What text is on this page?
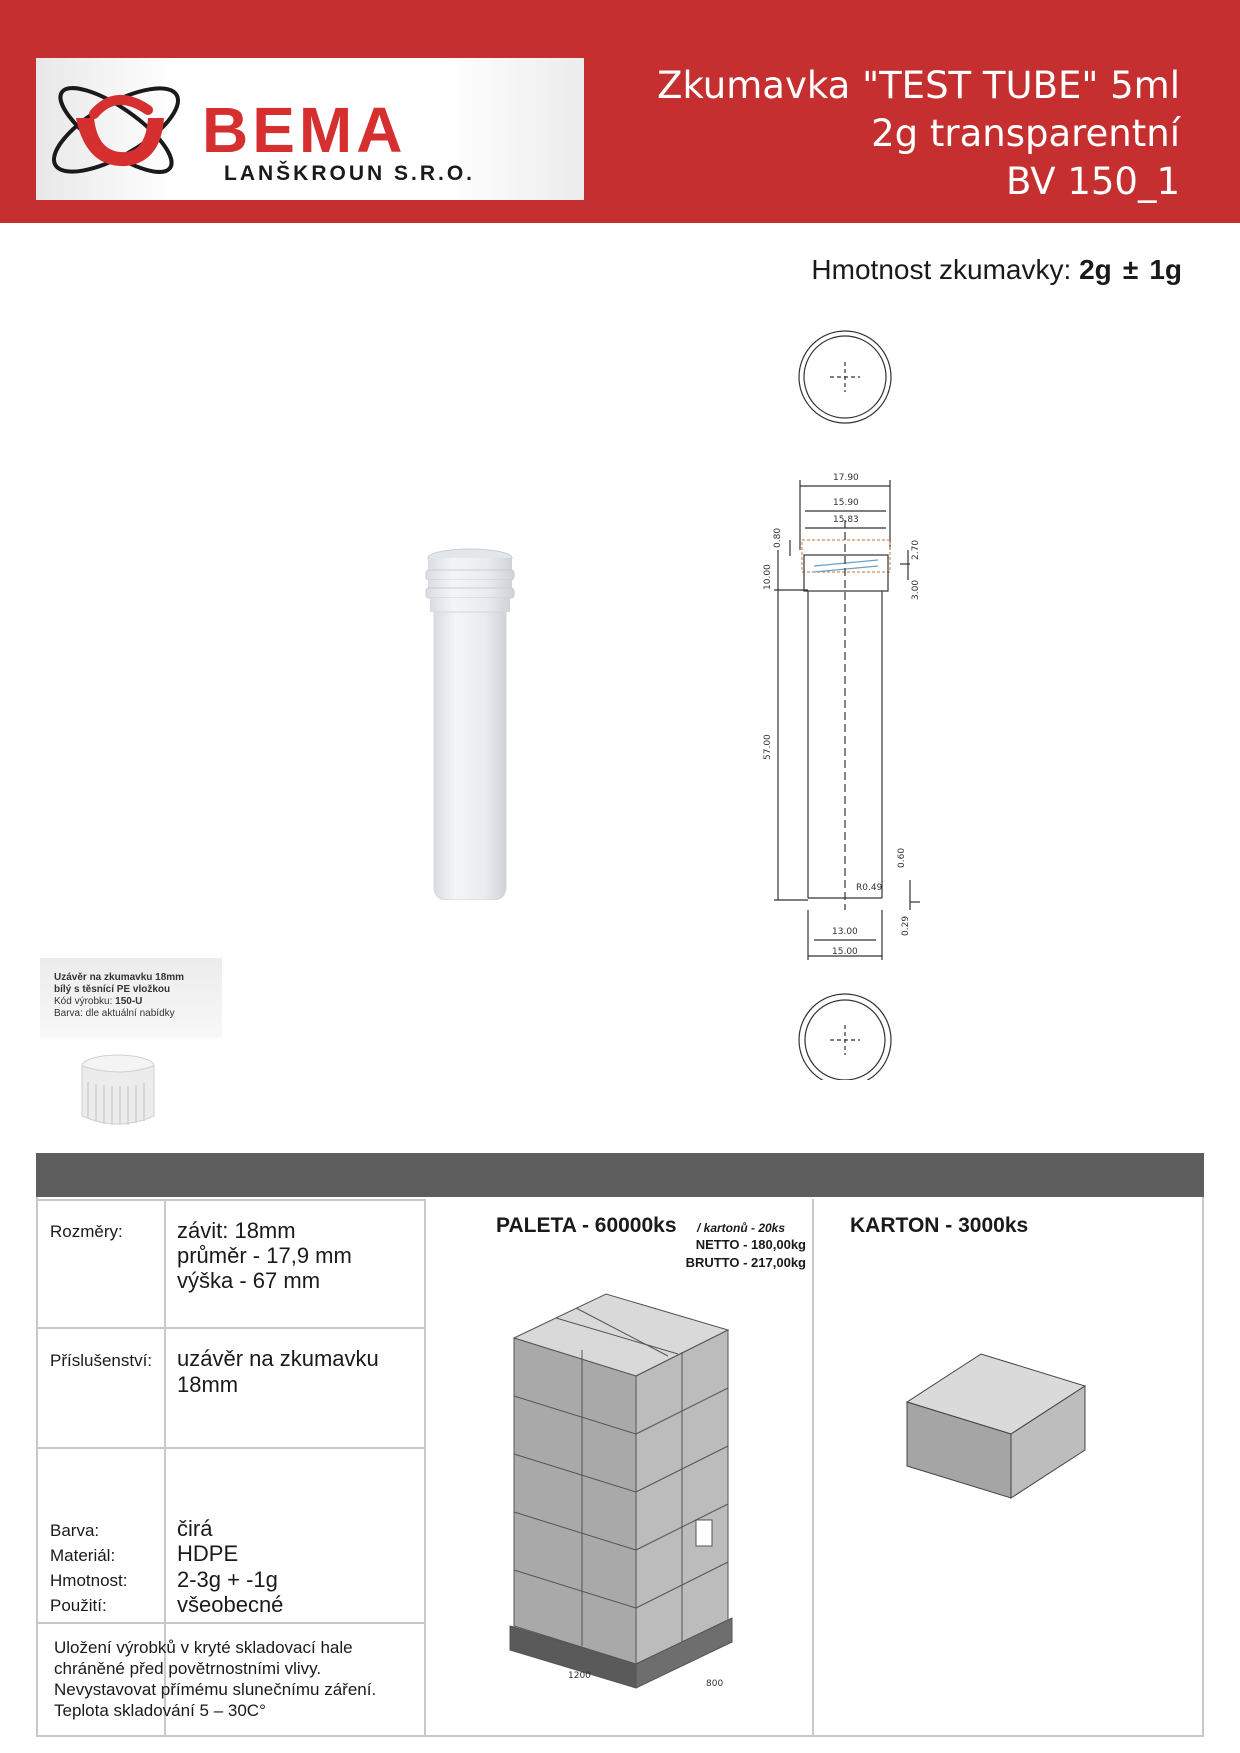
BEMA
LANŠKROUN S.R.O.
Zkumavka "TEST TUBE" 5ml
2g transparentní
BV 150_1
Hmotnost zkumavky: 2g ± 1g
Uzávěr na zkumavku 18mm
bílý s těsnící PE vložkou
Kód výrobku: 150-U
Barva: dle aktuální nabídky
17.90
15.90
15.83
0.80
10.00
2.70
3.00
57.00
R0.49
0.60
13.00
15.00
0.29
Rozměry: závit: 18mm
průměr - 17,9 mm
výška - 67 mm
Příslušenství: uzávěr na zkumavku
18mm
Barva:
Materiál:
Hmotnost:
Použití:
čirá
HDPE
2-3g + -1g
všeobecné
Uložení výrobků v kryté skladovací hale
chráněné před povětrnostními vlivy.
Nevystavovat přímému slunečnímu záření.
Teplota skladování 5 – 30C°
PALETA - 60000ks / kartonů - 20ks
NETTO - 180,00kg
BRUTTO - 217,00kg
KARTON - 3000ks
1200
800
